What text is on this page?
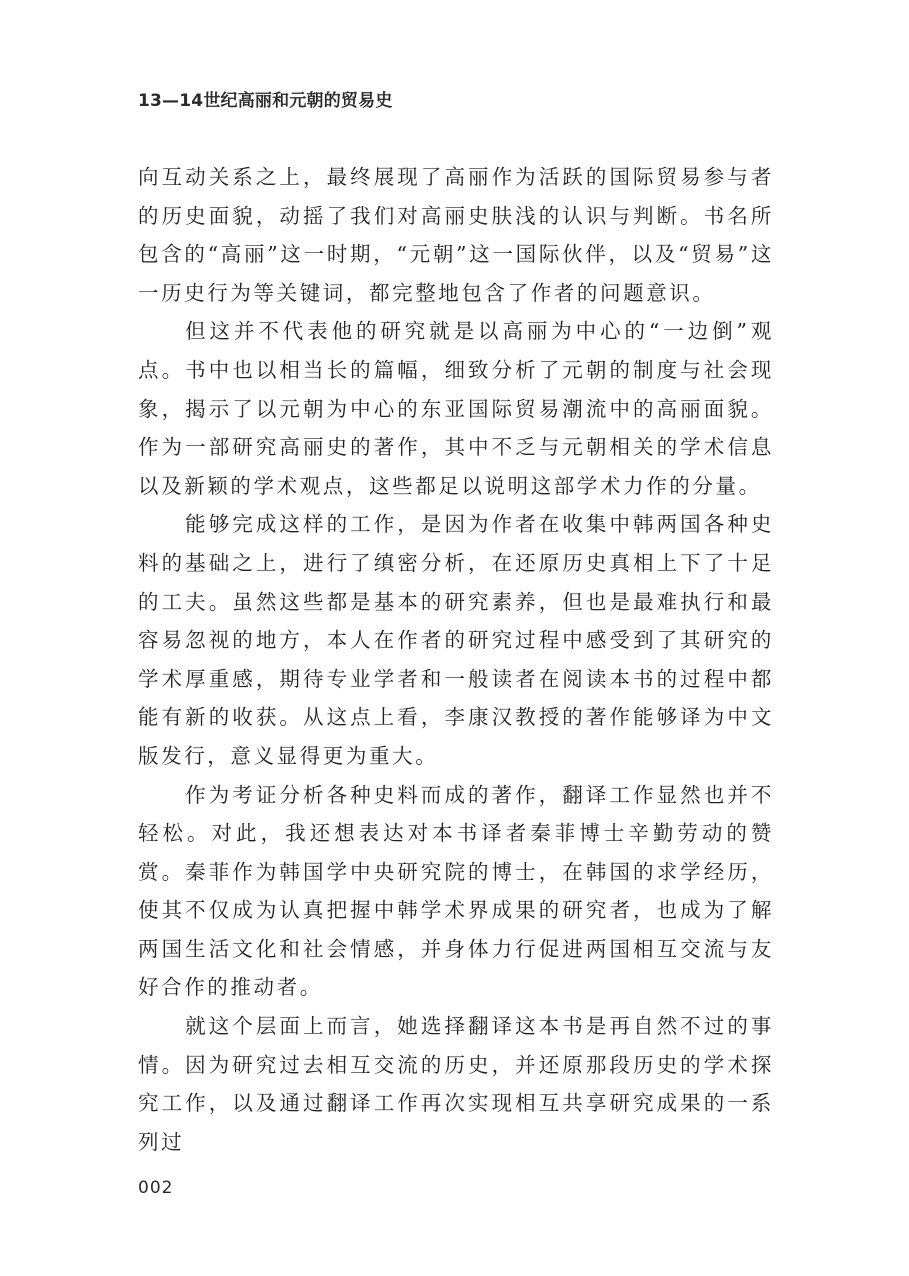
13—14世纪高丽和元朝的贸易史

向互动关系之上，最终展现了高丽作为活跃的国际贸易参与者的历史面貌，动摇了我们对高丽史肤浅的认识与判断。书名所包含的“高丽”这一时期，“元朝”这一国际伙伴，以及“贸易”这一历史行为等关键词，都完整地包含了作者的问题意识。

但这并不代表他的研究就是以高丽为中心的“一边倒”观点。书中也以相当长的篇幅，细致分析了元朝的制度与社会现象，揭示了以元朝为中心的东亚国际贸易潮流中的高丽面貌。作为一部研究高丽史的著作，其中不乏与元朝相关的学术信息以及新颖的学术观点，这些都足以说明这部学术力作的分量。

能够完成这样的工作，是因为作者在收集中韩两国各种史料的基础之上，进行了缜密分析，在还原历史真相上下了十足的工夫。虽然这些都是基本的研究素养，但也是最难执行和最容易忽视的地方，本人在作者的研究过程中感受到了其研究的学术厚重感，期待专业学者和一般读者在阅读本书的过程中都能有新的收获。从这点上看，李康汉教授的著作能够译为中文版发行，意义显得更为重大。

作为考证分析各种史料而成的著作，翻译工作显然也并不轻松。对此，我还想表达对本书译者秦菲博士辛勤劳动的赞赏。秦菲作为韩国学中央研究院的博士，在韩国的求学经历，使其不仅成为认真把握中韩学术界成果的研究者，也成为了解两国生活文化和社会情感，并身体力行促进两国相互交流与友好合作的推动者。

就这个层面上而言，她选择翻译这本书是再自然不过的事情。因为研究过去相互交流的历史，并还原那段历史的学术探究工作，以及通过翻译工作再次实现相互共享研究成果的一系列过

002
